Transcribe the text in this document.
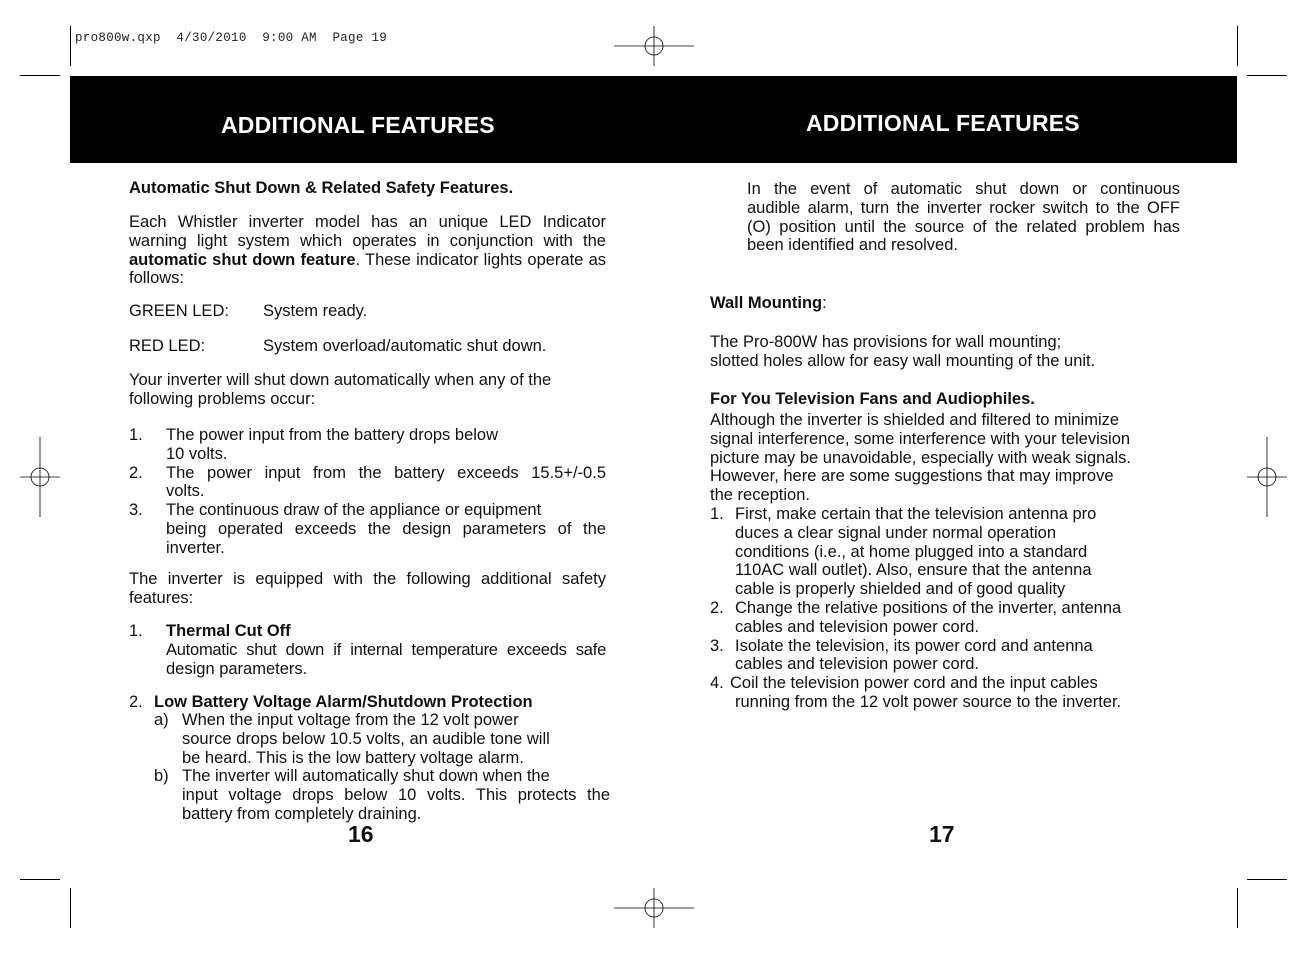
pro800w.qxp  4/30/2010  9:00 AM  Page 19
ADDITIONAL FEATURES	ADDITIONAL FEATURES
Automatic Shut Down & Related Safety Features.
Each Whistler inverter model has an unique LED Indicator warning light system which operates in conjunction with the automatic shut down feature. These indicator lights operate as follows:
GREEN LED: System ready.
RED LED:	System overload/automatic shut down.
Your inverter will shut down automatically when any of the following problems occur:
1. The power input from the battery drops below
10 volts.
2. The power input from the battery exceeds 15.5+/-0.5
volts.
3. The continuous draw of the appliance or equipment
being operated exceeds the design parameters of the
inverter.
The inverter is equipped with the following additional safety features:
1. Thermal Cut Off
Automatic shut down if internal temperature exceeds safe
design parameters.
2. Low Battery Voltage Alarm/Shutdown Protection
a) When the input voltage from the 12 volt power
source drops below 10.5 volts, an audible tone will
be heard. This is the low battery voltage alarm.
b) The inverter will automatically shut down when the
input voltage drops below 10 volts. This protects the
battery from completely draining.
16
In the event of automatic shut down or continuous
audible alarm, turn the inverter rocker switch to the OFF
(O) position until the source of the related problem has
been identified and resolved.
Wall Mounting:
The Pro-800W has provisions for wall mounting;
slotted holes allow for easy wall mounting of the unit.
For You Television Fans and Audiophiles.
Although the inverter is shielded and filtered to minimize
signal interference, some interference with your television
picture may be unavoidable, especially with weak signals.
However, here are some suggestions that may improve
the reception.
1. First, make certain that the television antenna pro
duces a clear signal under normal operation
conditions (i.e., at home plugged into a standard
110AC wall outlet). Also, ensure that the antenna
cable is properly shielded and of good quality
2. Change the relative positions of the inverter, antenna
cables and television power cord.
3. Isolate the television, its power cord and antenna
cables and television power cord.
4. Coil the television power cord and the input cables
running from the 12 volt power source to the inverter.
17
